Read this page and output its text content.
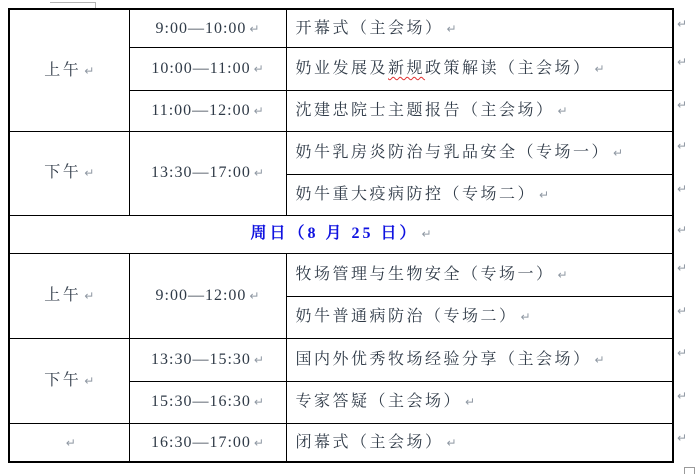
上午 ↵	9:00—10:00 ↵	开幕式（主会场） ↵
	10:00—11:00 ↵	奶业发展及新规政策解读（主会场） ↵
	11:00—12:00 ↵	沈建忠院士主题报告（主会场） ↵
下午 ↵	13:30—17:00 ↵	奶牛乳房炎防治与乳品安全（专场一） ↵
		奶牛重大疫病防控（专场二） ↵
周日（8 月 25 日） ↵		
上午 ↵	9:00—12:00 ↵	牧场管理与生物安全（专场一） ↵
		奶牛普通病防治（专场二） ↵
下午 ↵	13:30—15:30 ↵	国内外优秀牧场经验分享（主会场） ↵
	15:30—16:30 ↵	专家答疑（主会场） ↵
↵	16:30—17:00 ↵	闭幕式（主会场） ↵
↵
↵
↵
↵
↵
↵
↵
↵
↵
↵
↵
